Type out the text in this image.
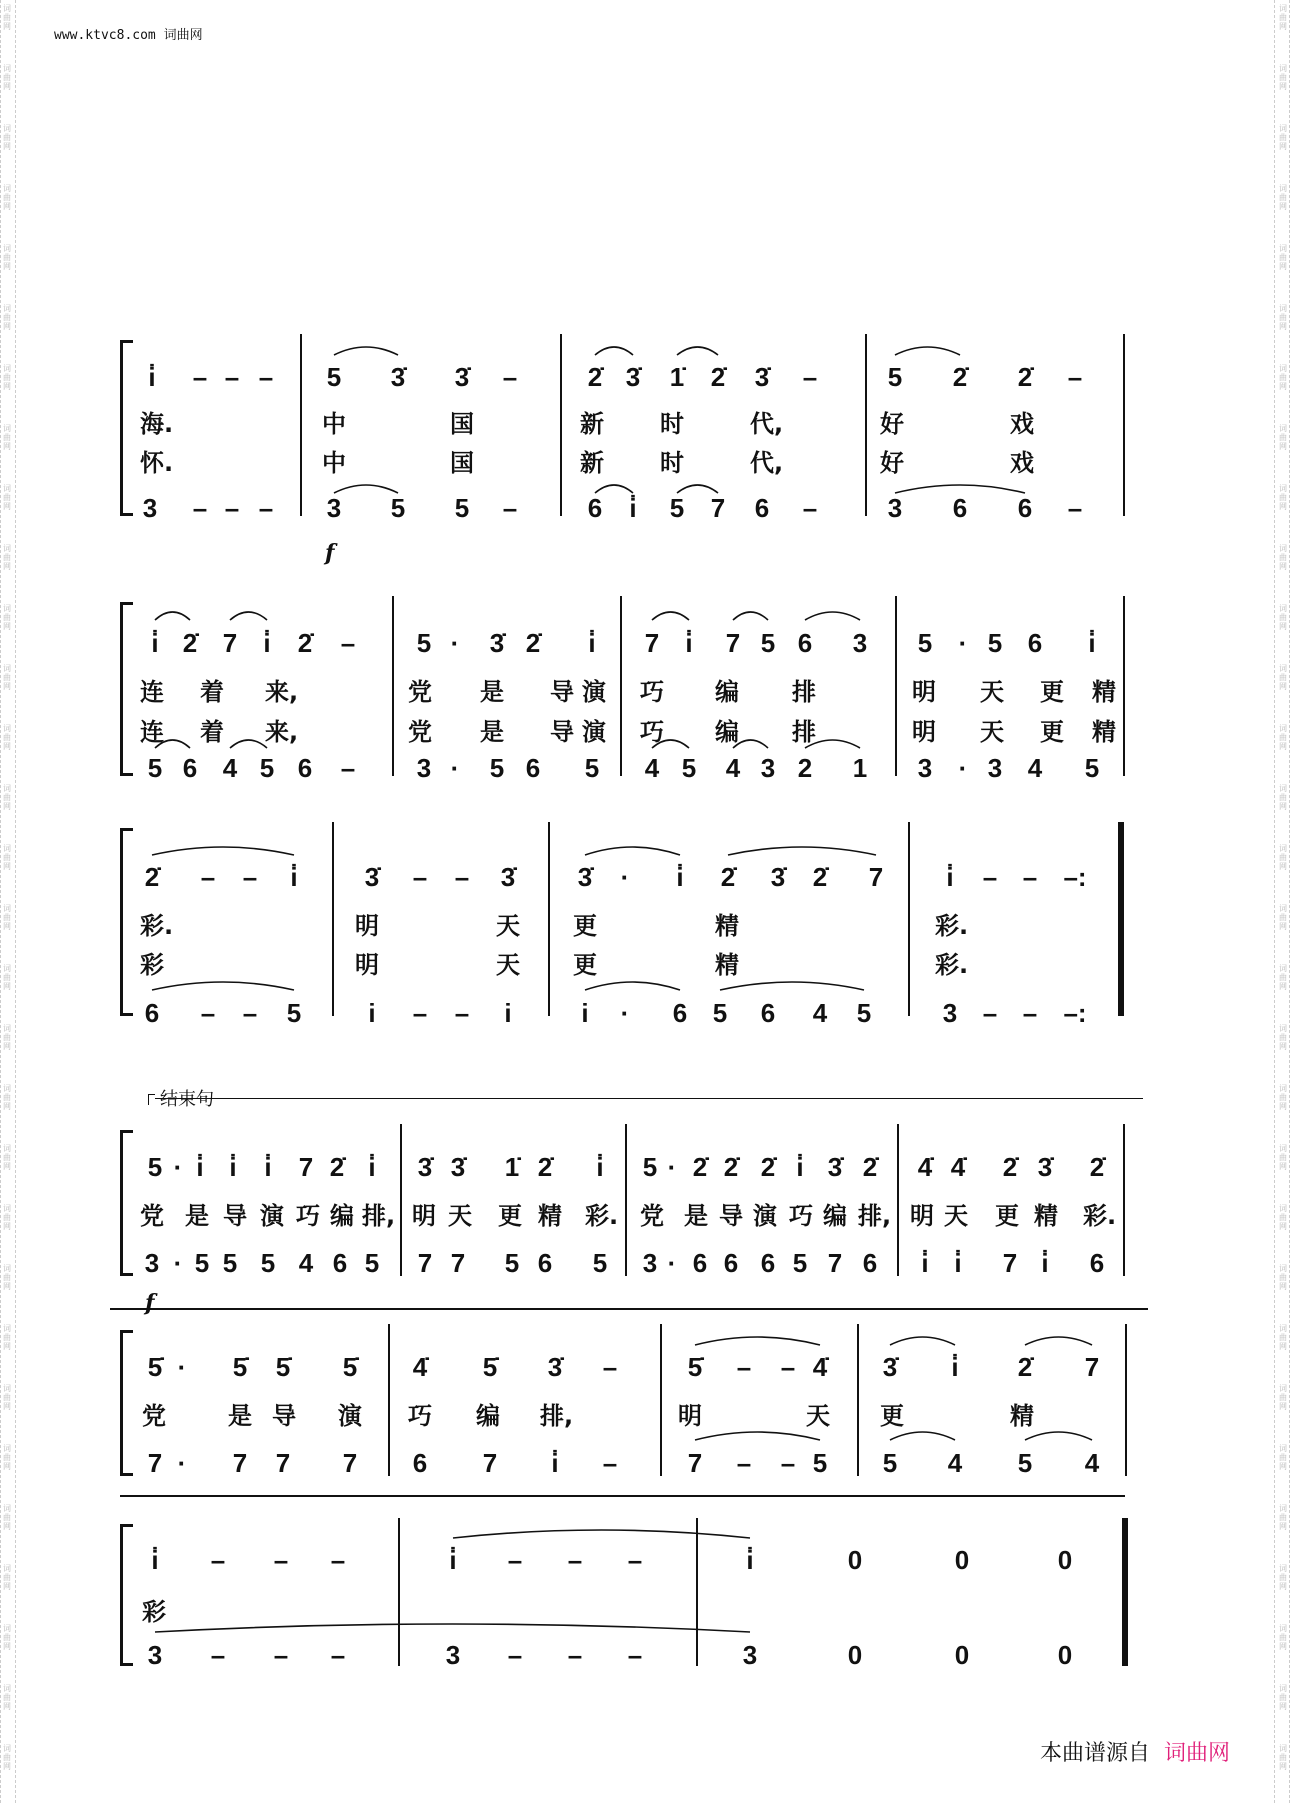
www.ktvc8.com 词曲网
i̇ – – – 5 3̇ 3̇ –	2̇ 3̇ 1̇ 2̇ 3̇ –	5 2̇ 2̇ –
海.	中	国	新 时	代,	好	戏
怀.	中	国	新 时	代,	好	戏
3 – – – 3 5 5 –	6 i̇ 5 7 6 –	3 6 6 –
f
i̇ 2̇ 7 i̇ 2̇ – 5 · 3̇ 2̇ i̇ 7 i̇ 7 5 6 3 5 · 5 6 i̇
连 着 来,	党 是 导 演 巧 编 排	明 天 更 精
连 着 来,	党 是 导 演 巧 编 排	明 天 更 精
5 6 4 5 6 – 3 · 5 6 5 4 5 4 3 2 1 3 · 3 4 5
2̇ – – i̇	3̇ – – 3̇ 3̇ · i̇ 2̇ 3̇ 2̇ 7 i̇ – – –:
彩.	明	天 更	精	彩.
彩	明	天 更	精	彩.
6 – – 5	i – – i	i · 6 5 6 4 5	3 – – –:
5 · i̇ i̇ i̇ 7 2̇ i̇ 3̇ 3̇ 1̇ 2̇ i̇ 5 · 2̇ 2̇ 2̇ i̇ 3̇ 2̇ 4̇ 4̇ 2̇ 3̇ 2̇
党 是 导 演 巧 编 排, 明 天 更 精 彩. 党 是 导 演 巧 编 排, 明 天 更 精 彩.
3 · 5 5 5 4 6 5 7 7 5 6 5 3 · 6 6 6 5 7 6 i̇ i̇ 7 i̇ 6
f
结束句
5̇ · 5̇ 5̇ 5̇ 4̇ 5̇ 3̇ –	5̇ – – 4̇ 3̇ i̇ 2̇ 7
党	是 导 演 巧 编 排,	明	天 更	精
7 · 7 7 7 6 7 i̇ –	7 – – 5 5 4 5 4
i̇ – – –	i̇ – – –	i̇	0	0	0
彩
3 – – –	3 – – –	3	0	0	0
本曲谱源自 词曲网
词
曲
网
词
曲
网
词
曲
网
词
曲
网
词
曲
网
词
曲
网
词
曲
网
词
曲
网
词
曲
网
词
曲
网
词
曲
网
词
曲
网
词
曲
网
词
曲
网
词
曲
网
词
曲
网
词
曲
网
词
曲
网
词
曲
网
词
曲
网
词
曲
网
词
曲
网
词
曲
网
词
曲
网
词
曲
网
词
曲
网
词
曲
网
词
曲
网
词
曲
网
词
曲
网
词
曲
网
词
曲
网
词
曲
网
词
曲
网
词
曲
网
词
曲
网
词
曲
网
词
曲
网
词
曲
网
词
曲
网
词
曲
网
词
曲
网
词
曲
网
词
曲
网
词
曲
网
词
曲
网
词
曲
网
词
曲
网
词
曲
网
词
曲
网
词
曲
网
词
曲
网
词
曲
网
词
曲
网
词
曲
网
词
曲
网
词
曲
网
词
曲
网
词
曲
网
词
曲
网
